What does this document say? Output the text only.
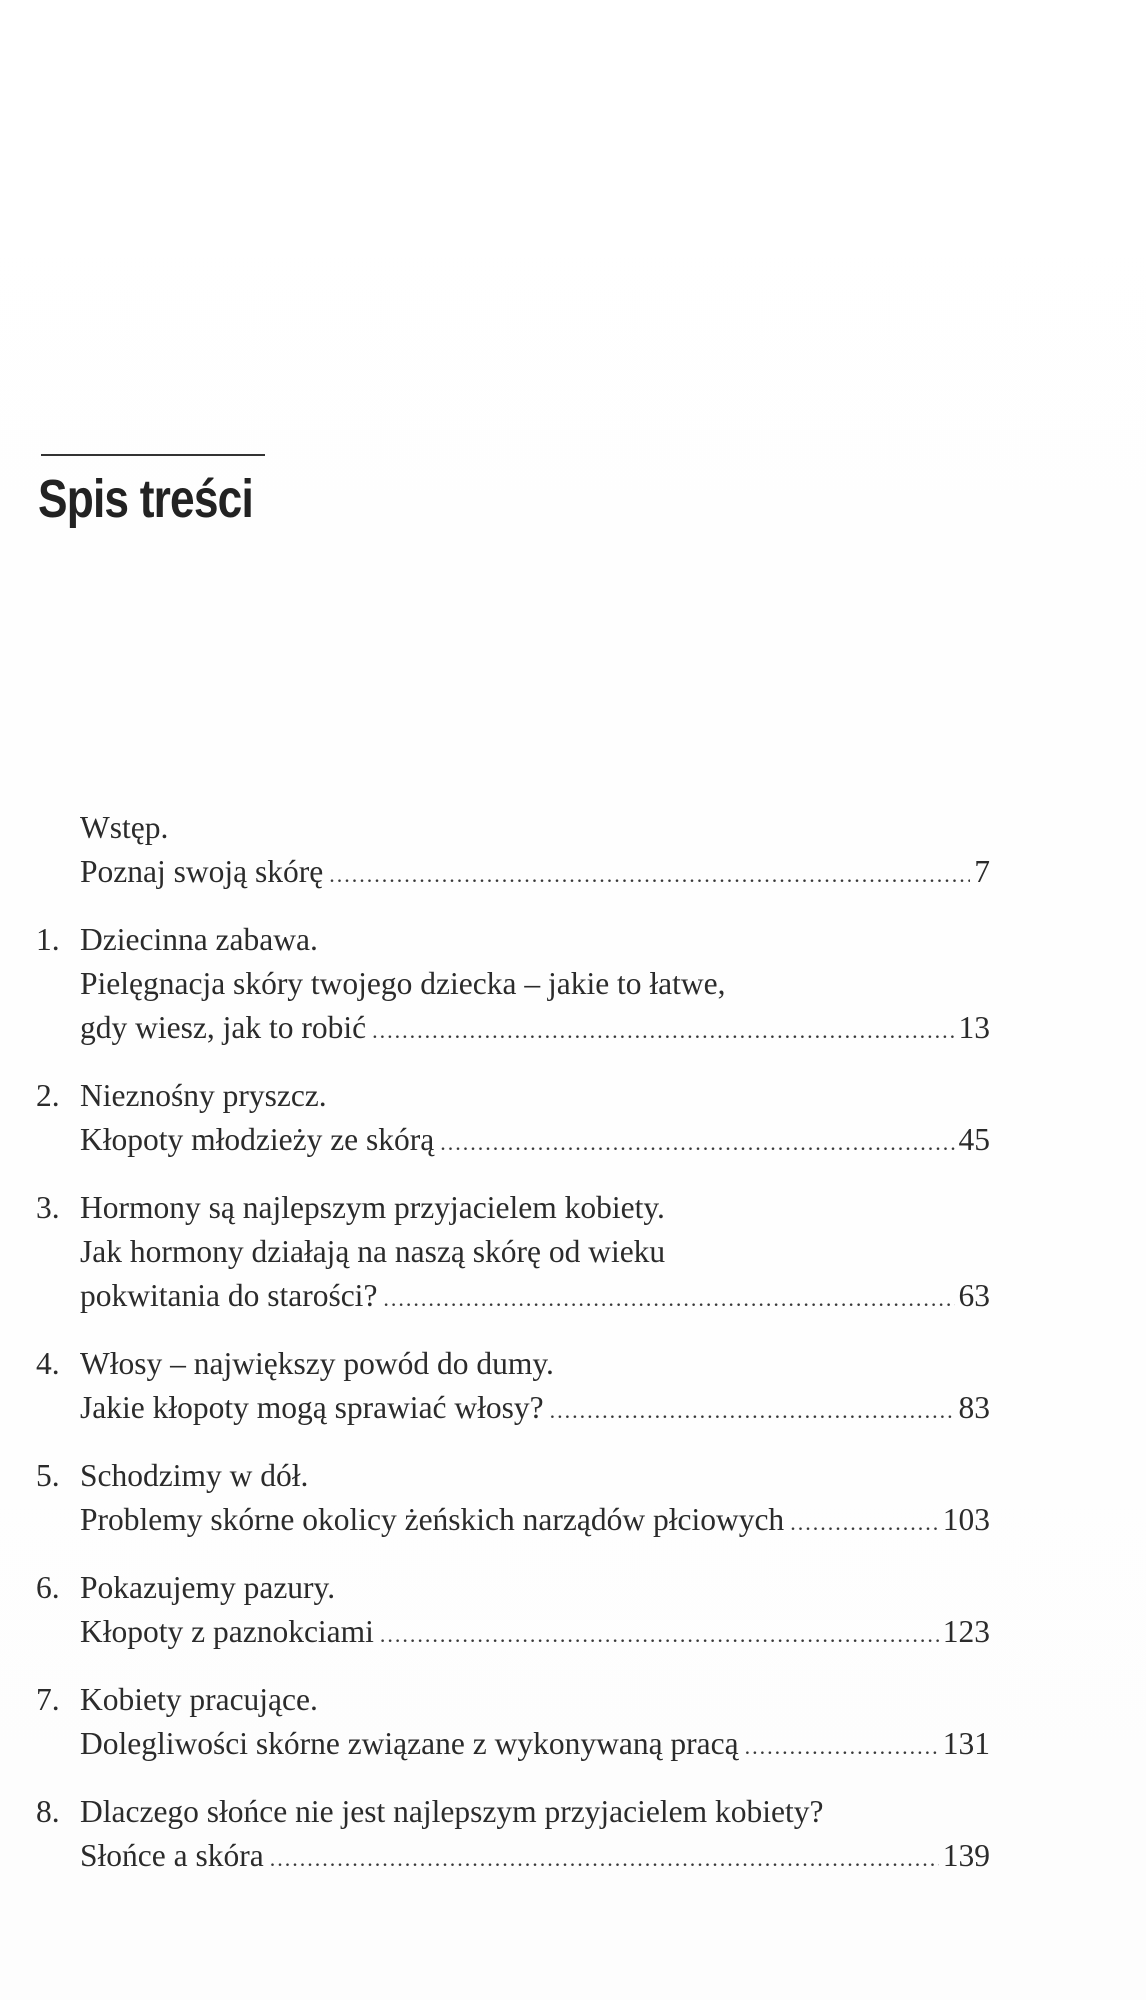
Spis treści
Wstęp.
Poznaj swoją skórę .....	7
1. Dziecinna zabawa.
Pielęgnacja skóry twojego dziecka – jakie to łatwe,
gdy wiesz, jak to robić .....	13
2. Nieznośny pryszcz.
Kłopoty młodzieży ze skórą .....	45
3. Hormony są najlepszym przyjacielem kobiety.
Jak hormony działają na naszą skórę od wieku
pokwitania do starości? .....	63
4. Włosy – największy powód do dumy.
Jakie kłopoty mogą sprawiać włosy? .....	83
5. Schodzimy w dół.
Problemy skórne okolicy żeńskich narządów płciowych .....	103
6. Pokazujemy pazury.
Kłopoty z paznokciami .....	123
7. Kobiety pracujące.
Dolegliwości skórne związane z wykonywaną pracą .....	131
8. Dlaczego słońce nie jest najlepszym przyjacielem kobiety?
Słońce a skóra .....	139
